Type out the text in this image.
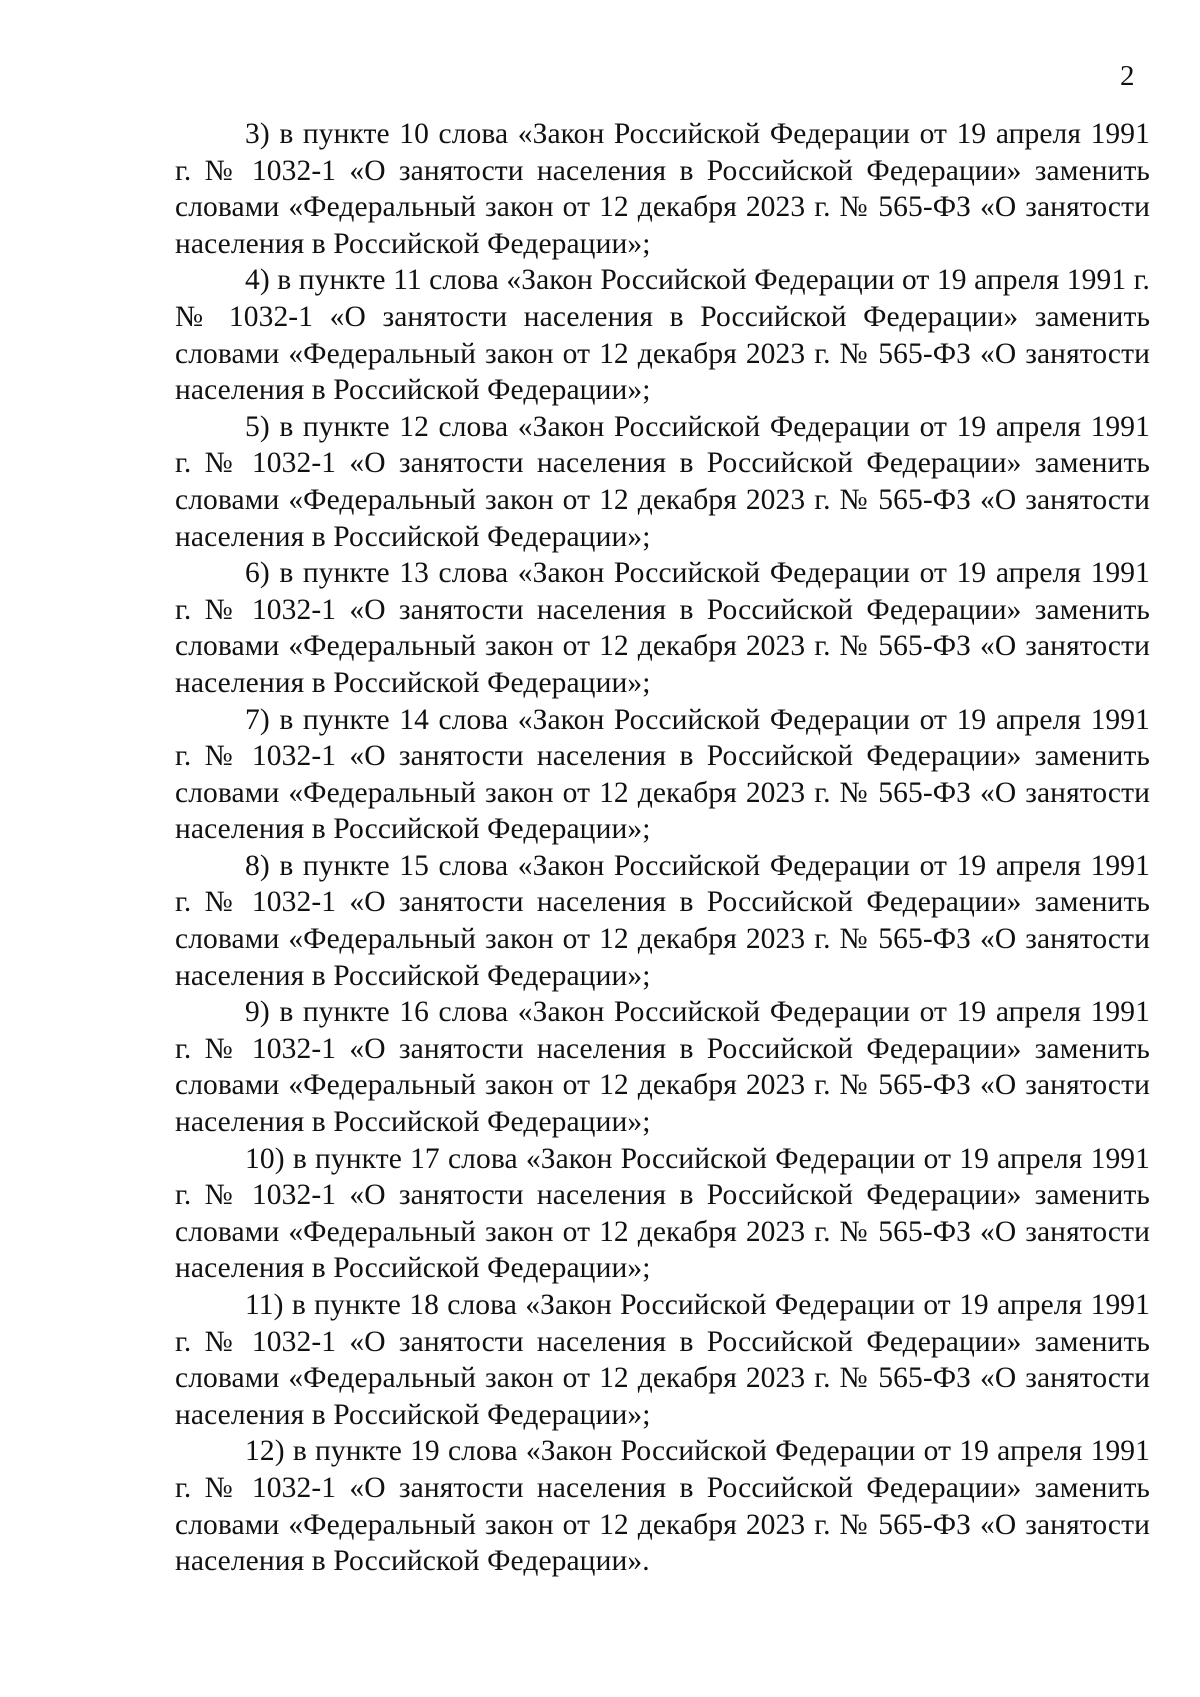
2

3) в пункте 10 слова «Закон Российской Федерации от 19 апреля 1991 г. № 1032-1 «О занятости населения в Российской Федерации» заменить словами «Федеральный закон от 12 декабря 2023 г. № 565-ФЗ «О занятости населения в Российской Федерации»;

4) в пункте 11 слова «Закон Российской Федерации от 19 апреля 1991 г. № 1032-1 «О занятости населения в Российской Федерации» заменить словами «Федеральный закон от 12 декабря 2023 г. № 565-ФЗ «О занятости населения в Российской Федерации»;

5) в пункте 12 слова «Закон Российской Федерации от 19 апреля 1991 г. № 1032-1 «О занятости населения в Российской Федерации» заменить словами «Федеральный закон от 12 декабря 2023 г. № 565-ФЗ «О занятости населения в Российской Федерации»;

6) в пункте 13 слова «Закон Российской Федерации от 19 апреля 1991 г. № 1032-1 «О занятости населения в Российской Федерации» заменить словами «Федеральный закон от 12 декабря 2023 г. № 565-ФЗ «О занятости населения в Российской Федерации»;

7) в пункте 14 слова «Закон Российской Федерации от 19 апреля 1991 г. № 1032-1 «О занятости населения в Российской Федерации» заменить словами «Федеральный закон от 12 декабря 2023 г. № 565-ФЗ «О занятости населения в Российской Федерации»;

8) в пункте 15 слова «Закон Российской Федерации от 19 апреля 1991 г. № 1032-1 «О занятости населения в Российской Федерации» заменить словами «Федеральный закон от 12 декабря 2023 г. № 565-ФЗ «О занятости населения в Российской Федерации»;

9) в пункте 16 слова «Закон Российской Федерации от 19 апреля 1991 г. № 1032-1 «О занятости населения в Российской Федерации» заменить словами «Федеральный закон от 12 декабря 2023 г. № 565-ФЗ «О занятости населения в Российской Федерации»;

10) в пункте 17 слова «Закон Российской Федерации от 19 апреля 1991 г. № 1032-1 «О занятости населения в Российской Федерации» заменить словами «Федеральный закон от 12 декабря 2023 г. № 565-ФЗ «О занятости населения в Российской Федерации»;

11) в пункте 18 слова «Закон Российской Федерации от 19 апреля 1991 г. № 1032-1 «О занятости населения в Российской Федерации» заменить словами «Федеральный закон от 12 декабря 2023 г. № 565-ФЗ «О занятости населения в Российской Федерации»;

12) в пункте 19 слова «Закон Российской Федерации от 19 апреля 1991 г. № 1032-1 «О занятости населения в Российской Федерации» заменить словами «Федеральный закон от 12 декабря 2023 г. № 565-ФЗ «О занятости населения в Российской Федерации».
